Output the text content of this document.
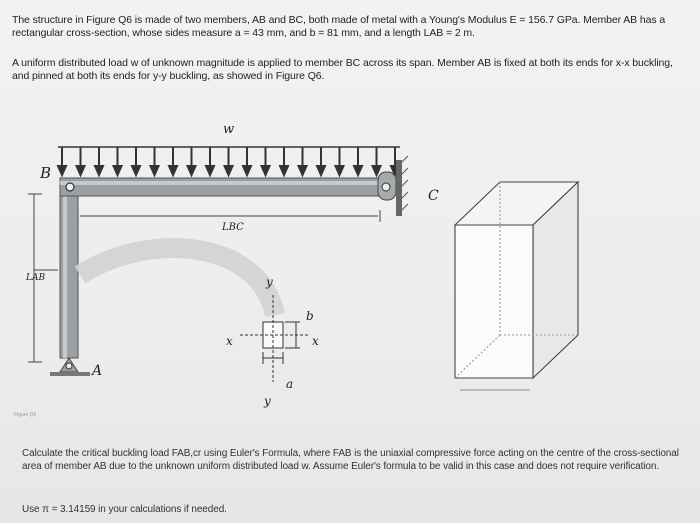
The structure in Figure Q6 is made of two members, AB and BC, both made of metal with a Young's Modulus E = 156.7 GPa. Member AB has a rectangular cross-section, whose sides measure a = 43 mm, and b = 81 mm, and a length LAB = 2 m.
A uniform distributed load w of unknown magnitude is applied to member BC across its span. Member AB is fixed at both its ends for x-x buckling, and pinned at both its ends for y-y buckling, as showed in Figure Q6.
w
B
C
A
LBC
LAB	y
y
x	x
b
a
Figure Q6
Calculate the critical buckling load FAB,cr using Euler's Formula, where FAB is the uniaxial compressive force acting on the centre of the cross-sectional area of member AB due to the unknown uniform distributed load w. Assume Euler's formula to be valid in this case and does not require verification.
Use π = 3.14159 in your calculations if needed.
